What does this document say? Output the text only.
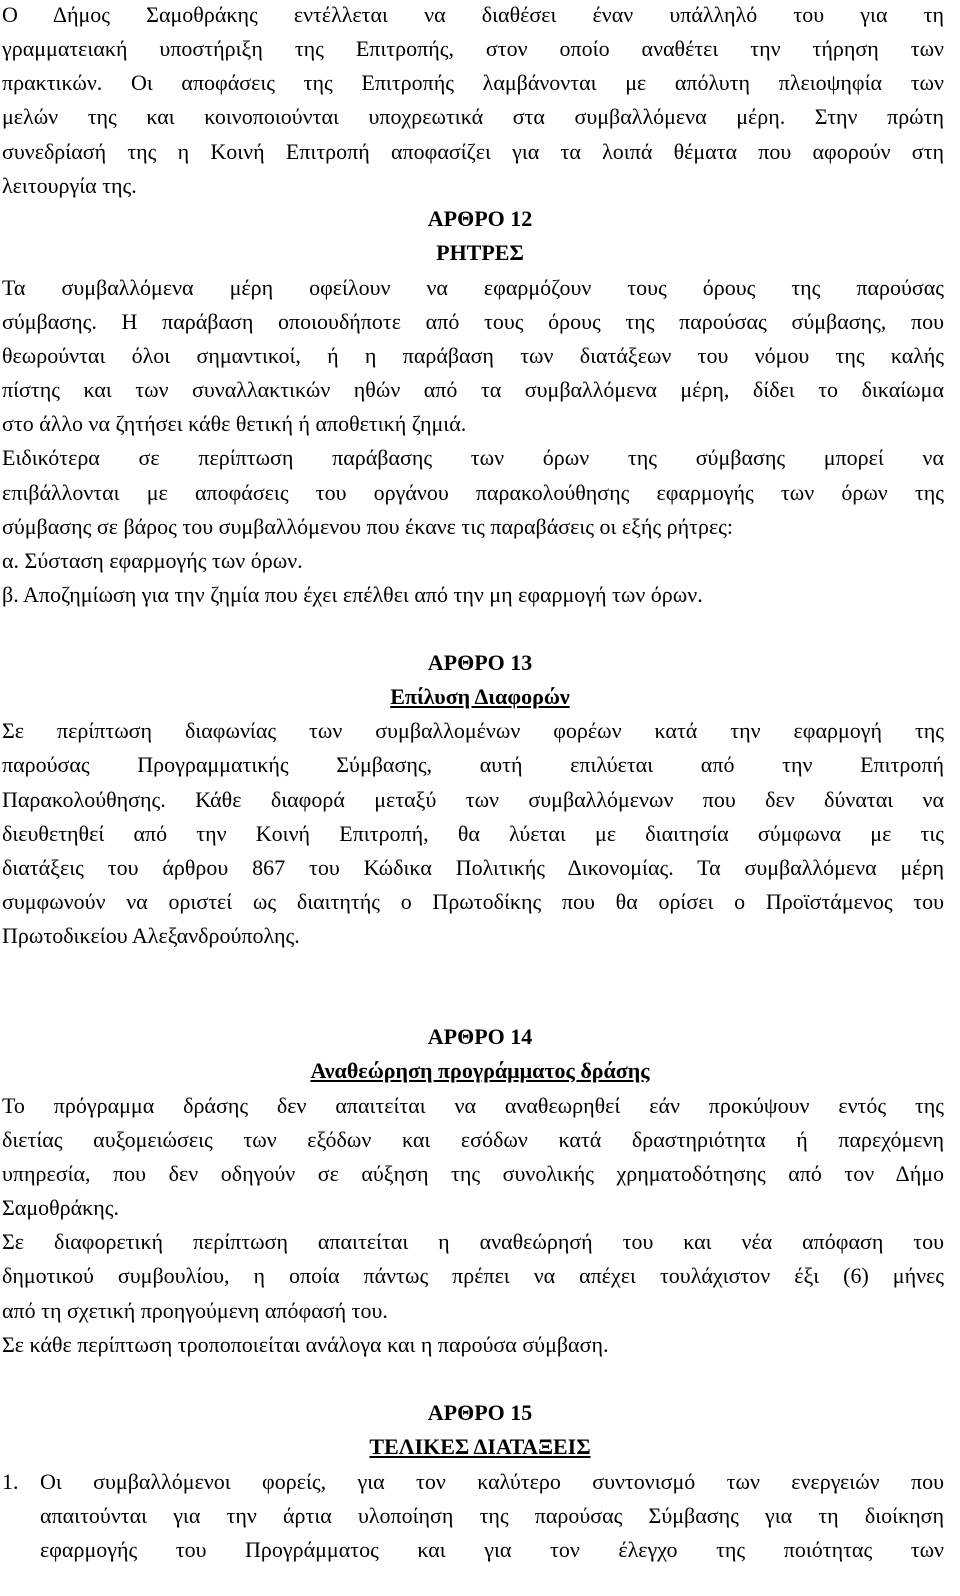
Ο Δήμος Σαμοθράκης εντέλλεται να διαθέσει έναν υπάλληλό του για τη
γραμματειακή υποστήριξη της Επιτροπής, στον οποίο αναθέτει την τήρηση των
πρακτικών. Οι αποφάσεις της Επιτροπής λαμβάνονται με απόλυτη πλειοψηφία των
μελών της και κοινοποιούνται υποχρεωτικά στα συμβαλλόμενα μέρη. Στην πρώτη
συνεδρίασή της η Κοινή Επιτροπή αποφασίζει για τα λοιπά θέματα που αφορούν στη
λειτουργία της.
ΑΡΘΡΟ 12
ΡΗΤΡΕΣ
Τα συμβαλλόμενα μέρη οφείλουν να εφαρμόζουν τους όρους της παρούσας
σύμβασης. Η παράβαση οποιουδήποτε από τους όρους της παρούσας σύμβασης, που
θεωρούνται όλοι σημαντικοί, ή η παράβαση των διατάξεων του νόμου της καλής
πίστης και των συναλλακτικών ηθών από τα συμβαλλόμενα μέρη, δίδει το δικαίωμα
στο άλλο να ζητήσει κάθε θετική ή αποθετική ζημιά.
Ειδικότερα σε περίπτωση παράβασης των όρων της σύμβασης μπορεί να
επιβάλλονται με αποφάσεις του οργάνου παρακολούθησης εφαρμογής των όρων της
σύμβασης σε βάρος του συμβαλλόμενου που έκανε τις παραβάσεις οι εξής ρήτρες:
α. Σύσταση εφαρμογής των όρων.
β. Αποζημίωση για την ζημία που έχει επέλθει από την μη εφαρμογή των όρων.
ΑΡΘΡΟ 13
Επίλυση Διαφορών
Σε περίπτωση διαφωνίας των συμβαλλομένων φορέων κατά την εφαρμογή της
παρούσας Προγραμματικής Σύμβασης, αυτή επιλύεται από την Επιτροπή
Παρακολούθησης. Κάθε διαφορά μεταξύ των συμβαλλόμενων που δεν δύναται να
διευθετηθεί από την Κοινή Επιτροπή, θα λύεται με διαιτησία σύμφωνα με τις
διατάξεις του άρθρου 867 του Κώδικα Πολιτικής Δικονομίας. Τα συμβαλλόμενα μέρη
συμφωνούν να οριστεί ως διαιτητής ο Πρωτοδίκης που θα ορίσει ο Προϊστάμενος του
Πρωτοδικείου Αλεξανδρούπολης.
ΑΡΘΡΟ 14
Αναθεώρηση προγράμματος δράσης
Το πρόγραμμα δράσης δεν απαιτείται να αναθεωρηθεί εάν προκύψουν εντός της
διετίας αυξομειώσεις των εξόδων και εσόδων κατά δραστηριότητα ή παρεχόμενη
υπηρεσία, που δεν οδηγούν σε αύξηση της συνολικής χρηματοδότησης από τον Δήμο
Σαμοθράκης.
Σε διαφορετική περίπτωση απαιτείται η αναθεώρησή του και νέα απόφαση του
δημοτικού συμβουλίου, η οποία πάντως πρέπει να απέχει τουλάχιστον έξι (6) μήνες
από τη σχετική προηγούμενη απόφασή του.
Σε κάθε περίπτωση τροποποιείται ανάλογα και η παρούσα σύμβαση.
ΑΡΘΡΟ 15
ΤΕΛΙΚΕΣ ΔΙΑΤΑΞΕΙΣ
1. Οι συμβαλλόμενοι φορείς, για τον καλύτερο συντονισμό των ενεργειών που
απαιτούνται για την άρτια υλοποίηση της παρούσας Σύμβασης για τη διοίκηση
εφαρμογής του Προγράμματος και για τον έλεγχο της ποιότητας των
